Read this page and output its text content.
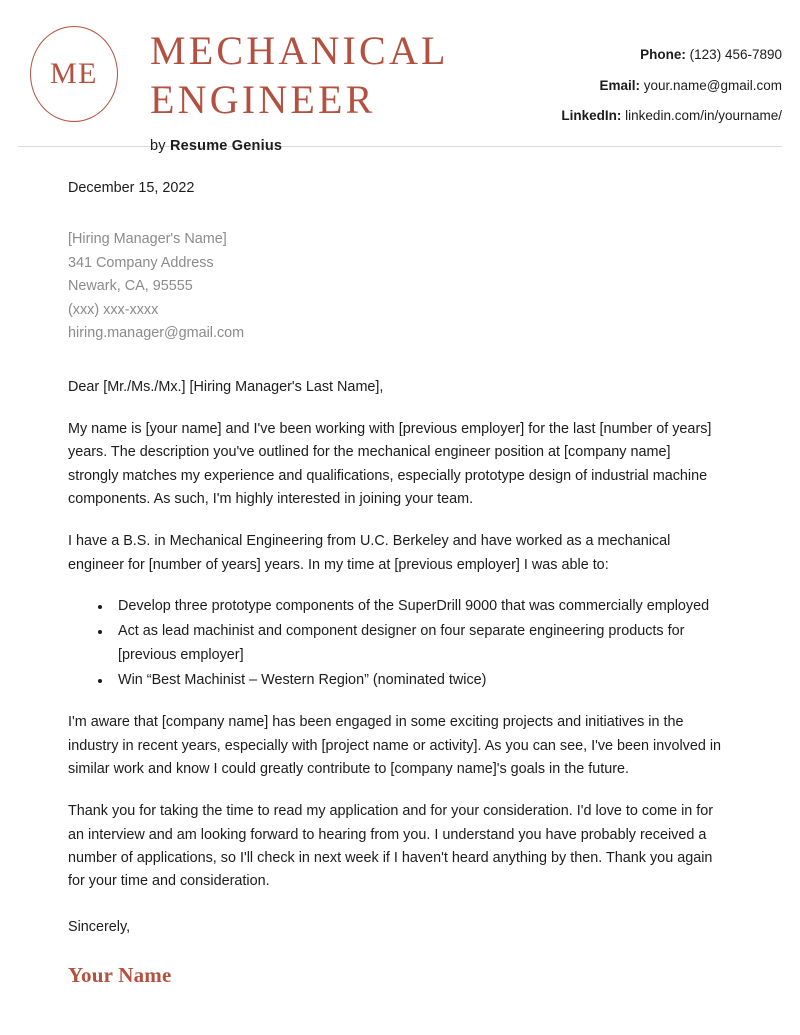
ME
MECHANICAL ENGINEER
by Resume Genius
Phone: (123) 456-7890
Email: your.name@gmail.com
LinkedIn: linkedin.com/in/yourname/
December 15, 2022
[Hiring Manager's Name]
341 Company Address
Newark, CA, 95555
(xxx) xxx-xxxx
hiring.manager@gmail.com
Dear [Mr./Ms./Mx.] [Hiring Manager's Last Name],

My name is [your name] and I've been working with [previous employer] for the last [number of years] years. The description you've outlined for the mechanical engineer position at [company name] strongly matches my experience and qualifications, especially prototype design of industrial machine components. As such, I'm highly interested in joining your team.

I have a B.S. in Mechanical Engineering from U.C. Berkeley and have worked as a mechanical engineer for [number of years] years. In my time at [previous employer] I was able to:

Develop three prototype components of the SuperDrill 9000 that was commercially employed
Act as lead machinist and component designer on four separate engineering products for [previous employer]
Win “Best Machinist – Western Region” (nominated twice)

I'm aware that [company name] has been engaged in some exciting projects and initiatives in the industry in recent years, especially with [project name or activity]. As you can see, I've been involved in similar work and know I could greatly contribute to [company name]'s goals in the future.

Thank you for taking the time to read my application and for your consideration. I'd love to come in for an interview and am looking forward to hearing from you. I understand you have probably received a number of applications, so I'll check in next week if I haven't heard anything by then. Thank you again for your time and consideration.

Sincerely,
Your Name
